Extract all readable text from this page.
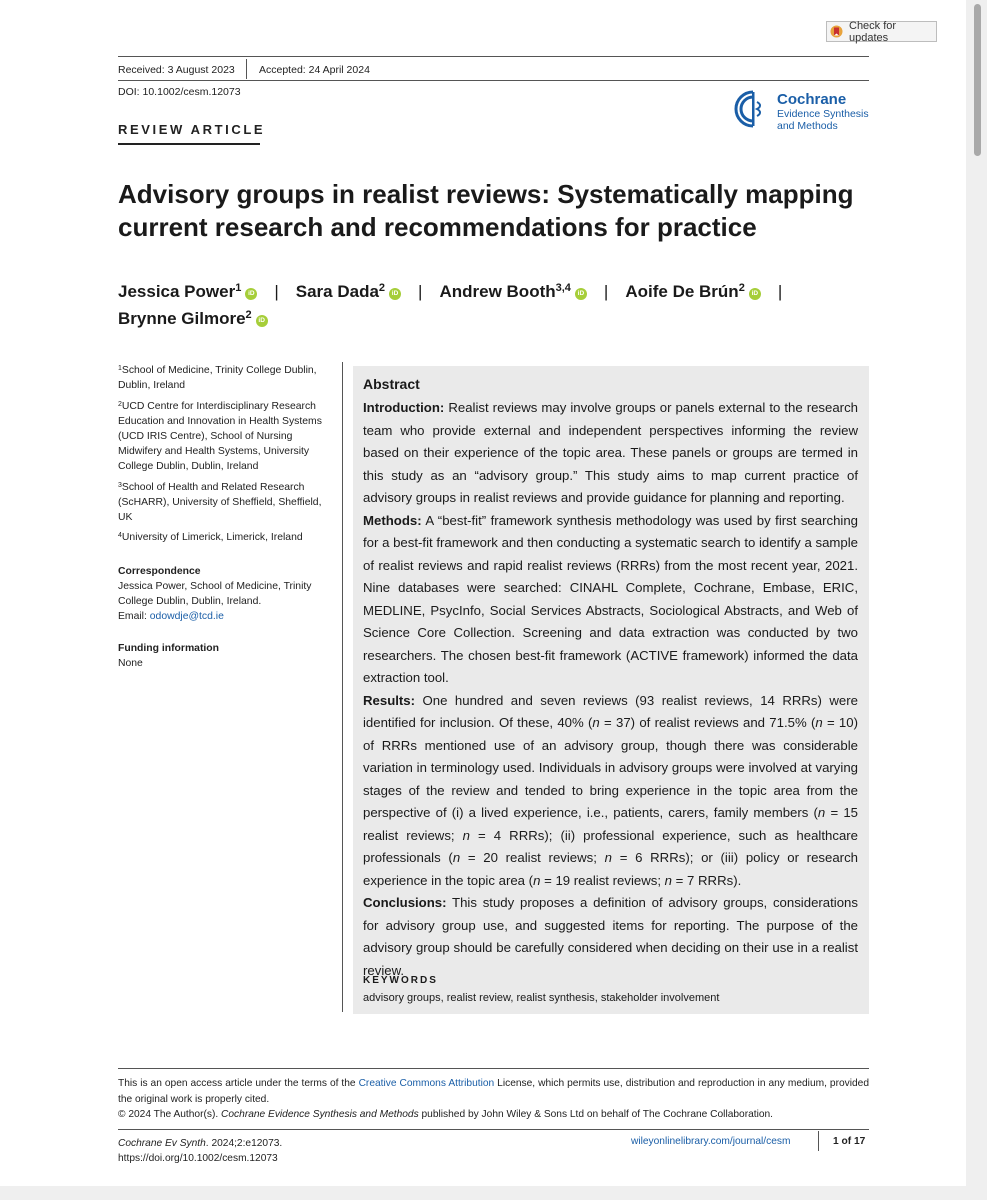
Check for updates
Received: 3 August 2023 Accepted: 24 April 2024
DOI: 10.1002/cesm.12073
REVIEW ARTICLE
Cochrane
Evidence Synthesis
and Methods
Advisory groups in realist reviews: Systematically mapping current research and recommendations for practice
Jessica Power$^1$ iD | Sara Dada$^2$ iD | Andrew Booth$^{3,4}$ iD | Aoife De Brún$^2$ iD |
Brynne Gilmore$^2$ iD
$^1$School of Medicine, Trinity College Dublin, Dublin, Ireland
$^2$UCD Centre for Interdisciplinary Research Education and Innovation in Health Systems (UCD IRIS Centre), School of Nursing Midwifery and Health Systems, University College Dublin, Dublin, Ireland
$^3$School of Health and Related Research (ScHARR), University of Sheffield, Sheffield, UK
$^4$University of Limerick, Limerick, Ireland
Correspondence
Jessica Power, School of Medicine, Trinity College Dublin, Dublin, Ireland.
Email: odowdje@tcd.ie
Funding information
None
Abstract

Introduction: Realist reviews may involve groups or panels external to the research team who provide external and independent perspectives informing the review based on their experience of the topic area. These panels or groups are termed in this study as an “advisory group.” This study aims to map current practice of advisory groups in realist reviews and provide guidance for planning and reporting.

Methods: A “best-fit” framework synthesis methodology was used by first searching for a best-fit framework and then conducting a systematic search to identify a sample of realist reviews and rapid realist reviews (RRRs) from the most recent year, 2021. Nine databases were searched: CINAHL Complete, Cochrane, Embase, ERIC, MEDLINE, PsycInfo, Social Services Abstracts, Sociological Abstracts, and Web of Science Core Collection. Screening and data extraction was conducted by two researchers. The chosen best-fit framework (ACTIVE framework) informed the data extraction tool.

Results: One hundred and seven reviews (93 realist reviews, 14 RRRs) were identified for inclusion. Of these, 40% (n = 37) of realist reviews and 71.5% (n = 10) of RRRs mentioned use of an advisory group, though there was considerable variation in terminology used. Individuals in advisory groups were involved at varying stages of the review and tended to bring experience in the topic area from the perspective of (i) a lived experience, i.e., patients, carers, family members (n = 15 realist reviews; n = 4 RRRs); (ii) professional experience, such as healthcare professionals (n = 20 realist reviews; n = 6 RRRs); or (iii) policy or research experience in the topic area (n = 19 realist reviews; n = 7 RRRs).

Conclusions: This study proposes a definition of advisory groups, considerations for advisory group use, and suggested items for reporting. The purpose of the advisory group should be carefully considered when deciding on their use in a realist review.

KEYWORDS
advisory groups, realist review, realist synthesis, stakeholder involvement
This is an open access article under the terms of the Creative Commons Attribution License, which permits use, distribution and reproduction in any medium, provided the original work is properly cited.
© 2024 The Author(s). Cochrane Evidence Synthesis and Methods published by John Wiley & Sons Ltd on behalf of The Cochrane Collaboration.
Cochrane Ev Synth. 2024;2:e12073.
https://doi.org/10.1002/cesm.12073
wileyonlinelibrary.com/journal/cesm	1 of 17
